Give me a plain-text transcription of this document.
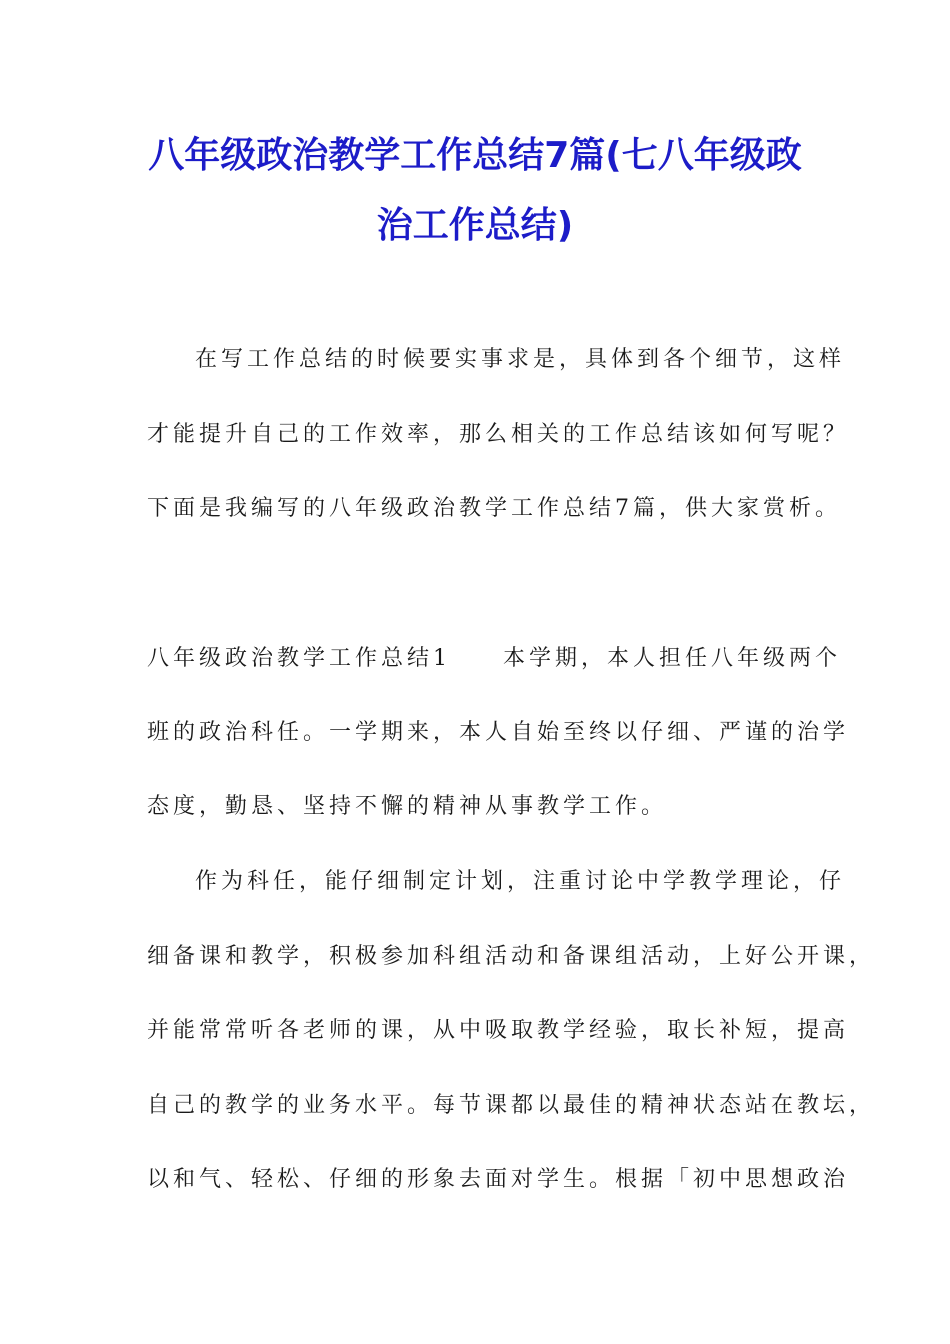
八年级政治教学工作总结7篇(七八年级政
治工作总结)
在写工作总结的时候要实事求是，具体到各个细节，这样
才能提升自己的工作效率，那么相关的工作总结该如何写呢？
下面是我编写的八年级政治教学工作总结7篇，供大家赏析。
八年级政治教学工作总结1 本学期，本人担任八年级两个
班的政治科任。一学期来，本人自始至终以仔细、严谨的治学
态度，勤恳、坚持不懈的精神从事教学工作。
作为科任，能仔细制定计划，注重讨论中学教学理论，仔
细备课和教学，积极参加科组活动和备课组活动，上好公开课，
并能常常听各老师的课，从中吸取教学经验，取长补短，提高
自己的教学的业务水平。每节课都以最佳的精神状态站在教坛，
以和气、轻松、仔细的形象去面对学生。根据「初中思想政治
